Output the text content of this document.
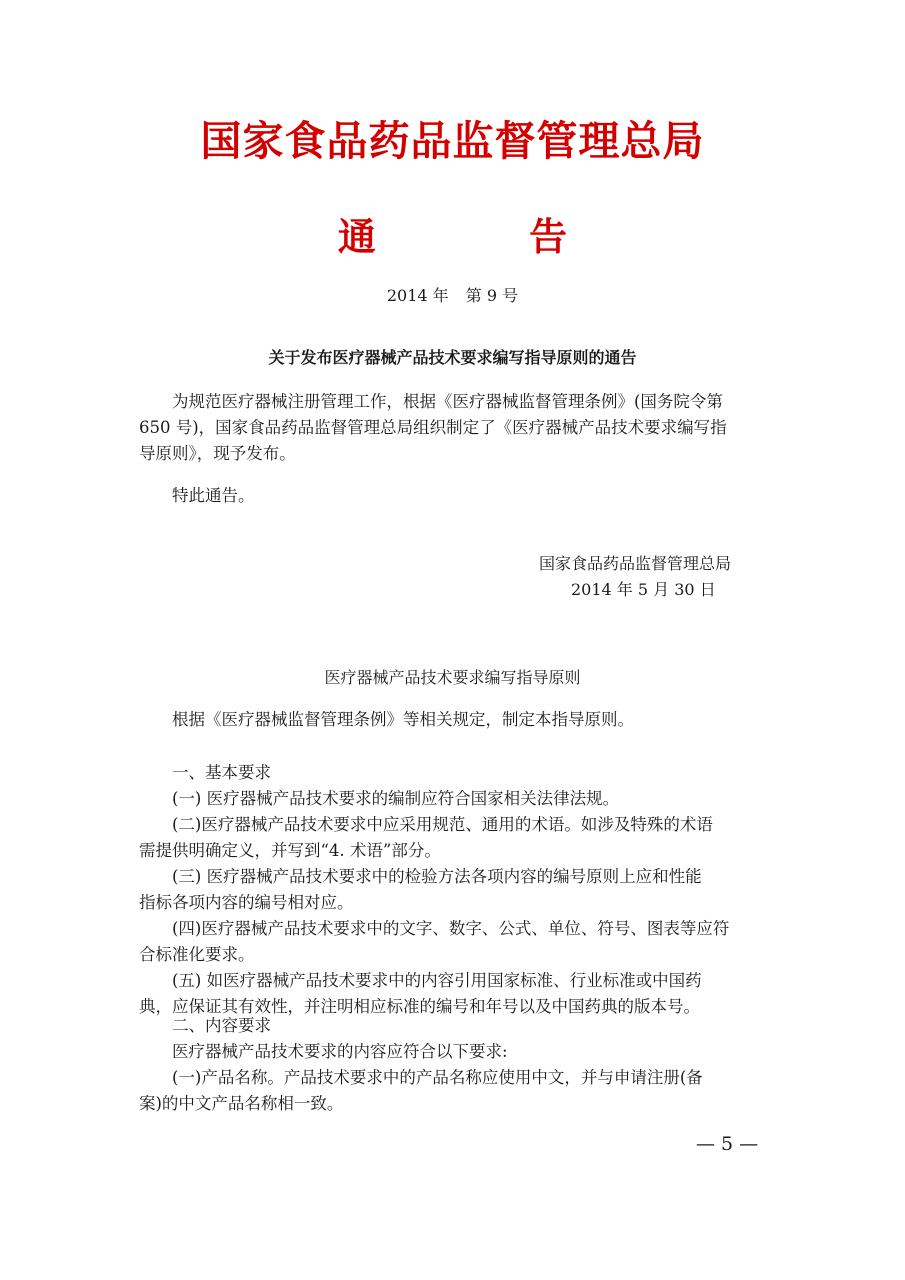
国家食品药品监督管理总局
通 告
2014 年 第 9 号
关于发布医疗器械产品技术要求编写指导原则的通告
为规范医疗器械注册管理工作，根据《医疗器械监督管理条例》(国务院令第
650 号)，国家食品药品监督管理总局组织制定了《医疗器械产品技术要求编写指
导原则》，现予发布。
特此通告。
国家食品药品监督管理总局
2014 年 5 月 30 日
医疗器械产品技术要求编写指导原则
根据《医疗器械监督管理条例》等相关规定，制定本指导原则。
一、基本要求
(一) 医疗器械产品技术要求的编制应符合国家相关法律法规。
(二)医疗器械产品技术要求中应采用规范、通用的术语。如涉及特殊的术语
需提供明确定义，并写到“4. 术语”部分。
(三) 医疗器械产品技术要求中的检验方法各项内容的编号原则上应和性能
指标各项内容的编号相对应。
(四)医疗器械产品技术要求中的文字、数字、公式、单位、符号、图表等应符
合标准化要求。
(五) 如医疗器械产品技术要求中的内容引用国家标准、行业标准或中国药
典，应保证其有效性，并注明相应标准的编号和年号以及中国药典的版本号。
二、内容要求
医疗器械产品技术要求的内容应符合以下要求:
(一)产品名称。产品技术要求中的产品名称应使用中文，并与申请注册(备
案)的中文产品名称相一致。
— 5 —
